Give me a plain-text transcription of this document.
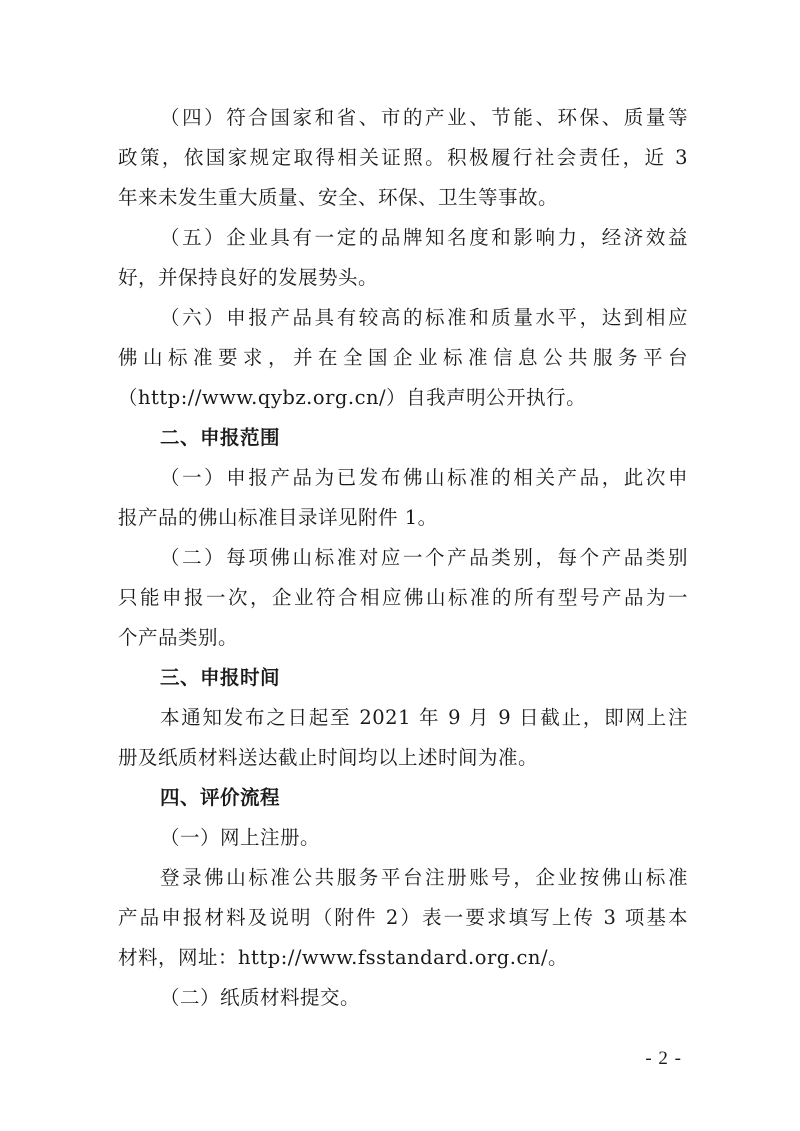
（四）符合国家和省、市的产业、节能、环保、质量等
政策，依国家规定取得相关证照。积极履行社会责任，近 3
年来未发生重大质量、安全、环保、卫生等事故。
（五）企业具有一定的品牌知名度和影响力，经济效益
好，并保持良好的发展势头。
（六）申报产品具有较高的标准和质量水平，达到相应
佛山标准要求，并在全国企业标准信息公共服务平台
（http://www.qybz.org.cn/）自我声明公开执行。
二、申报范围
（一）申报产品为已发布佛山标准的相关产品，此次申
报产品的佛山标准目录详见附件 1。
（二）每项佛山标准对应一个产品类别，每个产品类别
只能申报一次，企业符合相应佛山标准的所有型号产品为一
个产品类别。
三、申报时间
本通知发布之日起至 2021 年 9 月 9 日截止，即网上注
册及纸质材料送达截止时间均以上述时间为准。
四、评价流程
（一）网上注册。
登录佛山标准公共服务平台注册账号，企业按佛山标准
产品申报材料及说明（附件 2）表一要求填写上传 3 项基本
材料，网址：http://www.fsstandard.org.cn/。
（二）纸质材料提交。
- 2 -
